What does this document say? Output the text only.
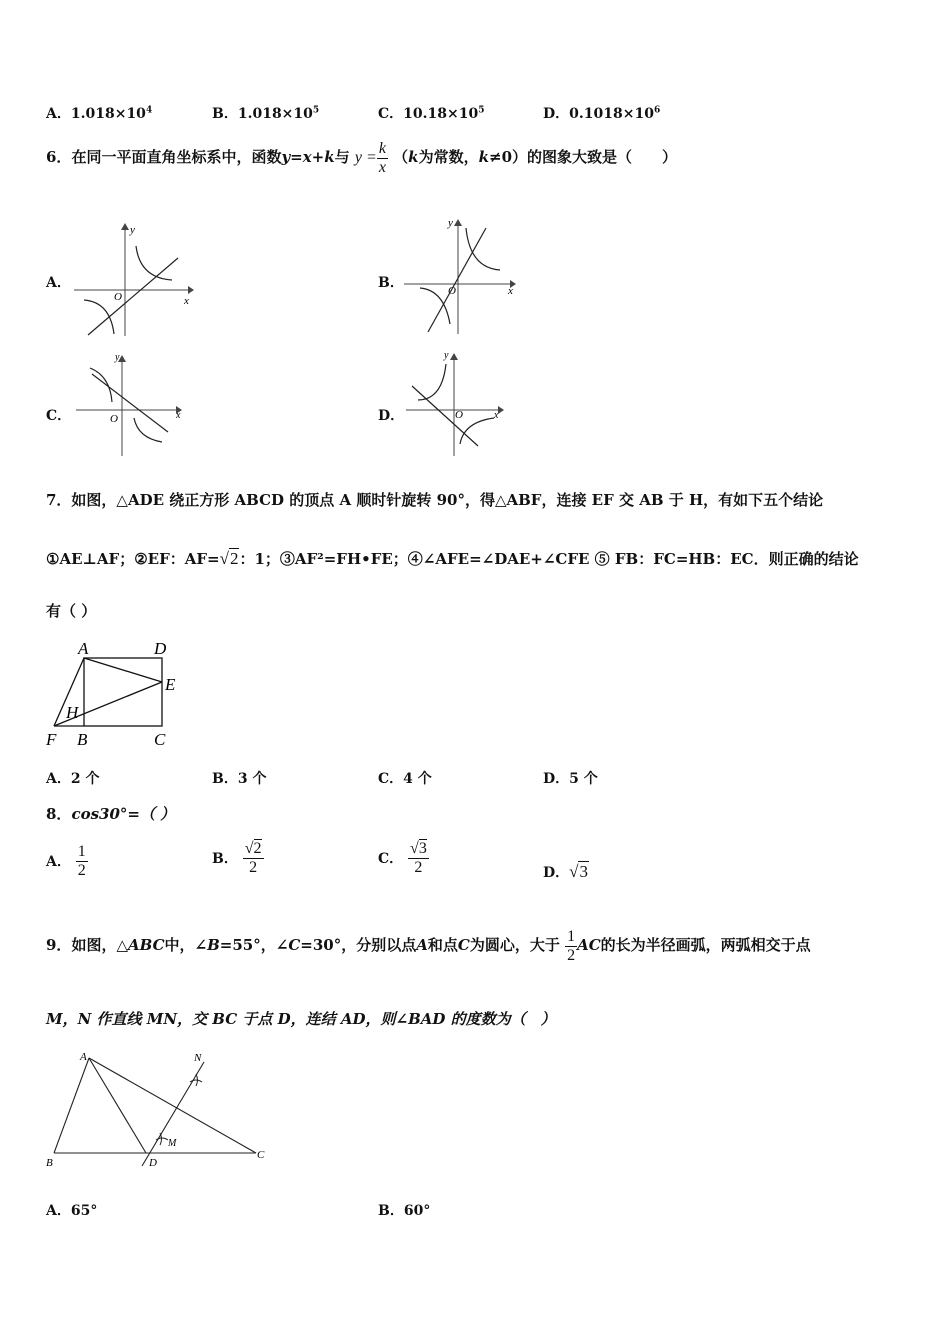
A．$1.018\times 10^4$	B．$1.018\times 10^5$	C．$10.18\times 10^5$	D．$0.1018\times 10^6$
6．在同一平面直角坐标系中，函数y=x+k与 $y = \frac{k}{x} (k$为常数，k≠0）的图象大致是（　　）
A．
y
x
O
B．
y
x
O
C．
y
x
O	D．
y
x
O
7．如图，△ADE 绕正方形 ABCD 的顶点 A 顺时针旋转 90°，得△ABF，连接 EF 交 AB 于 H，有如下五个结论
①AE⊥AF；②EF：AF=√2：1；③AF²=FH•FE；④∠AFE=∠DAE+∠CFE ⑤ FB：FC=HB：EC．则正确的结论
有（ ）
A	D
E
H
F B	C
A．2 个	B．3 个	C．4 个	D．5 个
8．cos30°=（ ）
A． $\frac{1}{2}$	B． $\frac{√2}{2}$	C． $\frac{√3}{2}$	D．√3
9．如图，△ABC中，∠B=55°，∠C=30°，分别以点A和点C为圆心，大于 $\frac{1}{2}$ AC的长为半径画弧，两弧相交于点
M，N 作直线 MN，交 BC 于点 D，连结 AD，则∠BAD 的度数为（　）
A
B
C
D
M
N
A．65°	B．60°
